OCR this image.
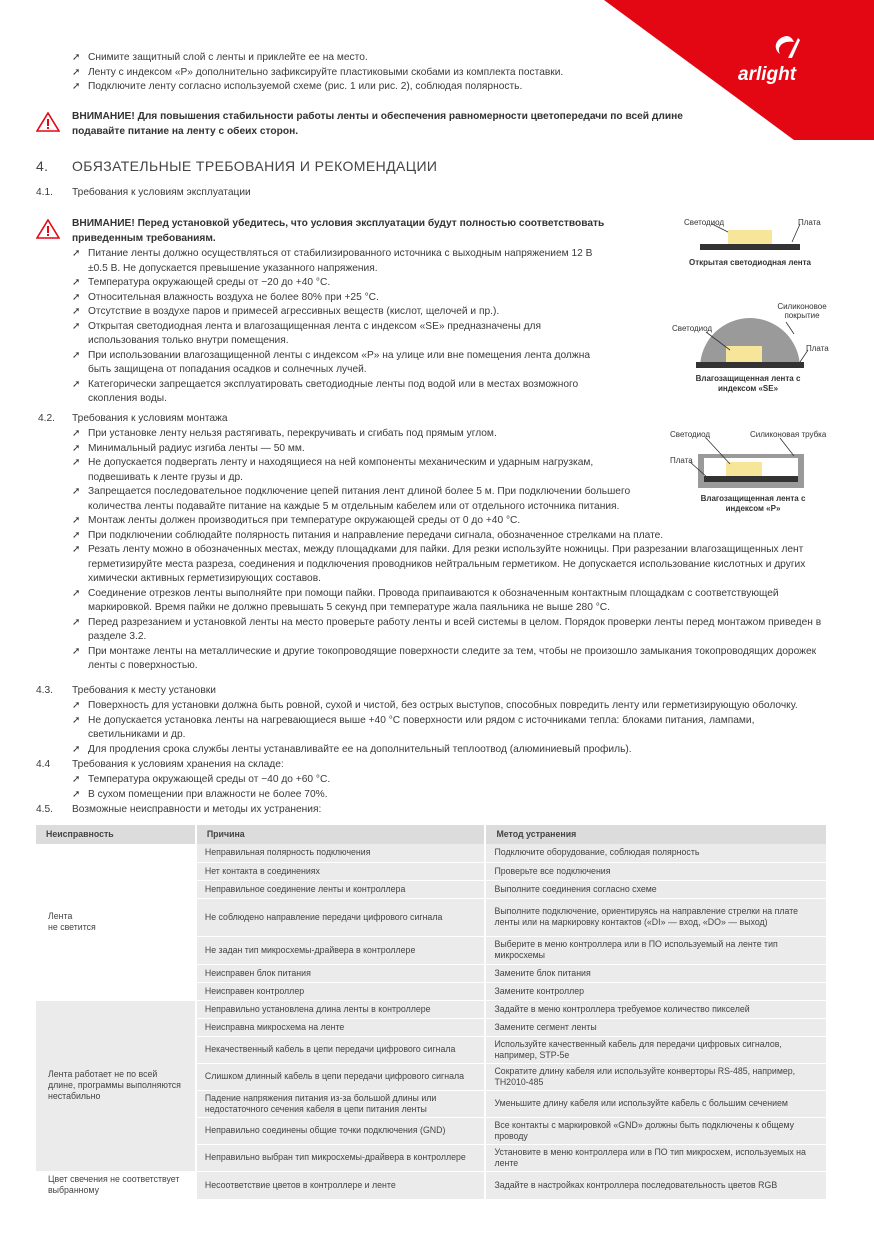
arlight
➚ Снимите защитный слой с ленты и приклейте ее на место.
➚ Ленту с индексом «P» дополнительно зафиксируйте пластиковыми скобами из комплекта поставки.
➚ Подключите ленту согласно используемой схеме (рис. 1 или рис. 2), соблюдая полярность.
ВНИМАНИЕ! Для повышения стабильности работы ленты и обеспечения равномерности цветопередачи по всей длине подавайте питание на ленту с обеих сторон.
4. ОБЯЗАТЕЛЬНЫЕ ТРЕБОВАНИЯ И РЕКОМЕНДАЦИИ
4.1. Требования к условиям эксплуатации
ВНИМАНИЕ! Перед установкой убедитесь, что условия эксплуатации будут полностью соответствовать приведенным требованиям.
➚ Питание ленты должно осуществляться от стабилизированного источника с выходным напряжением 12 В ±0.5 В. Не допускается превышение указанного напряжения.
➚ Температура окружающей среды от −20 до +40 °C.
➚ Относительная влажность воздуха не более 80% при +25 °C.
➚ Отсутствие в воздухе паров и примесей агрессивных веществ (кислот, щелочей и пр.).
➚ Открытая светодиодная лента и влагозащищенная лента с индексом «SE» предназначены для использования только внутри помещения.
➚ При использовании влагозащищенной ленты с индексом «P» на улице или вне помещения лента должна быть защищена от попадания осадков и солнечных лучей.
➚ Категорически запрещается эксплуатировать светодиодные ленты под водой или в местах возможного скопления воды.
4.2. Требования к условиям монтажа
➚ При установке ленту нельзя растягивать, перекручивать и сгибать под прямым углом.
➚ Минимальный радиус изгиба ленты — 50 мм.
➚ Не допускается подвергать ленту и находящиеся на ней компоненты механическим и ударным нагрузкам, подвешивать к ленте грузы и др.
➚ Запрещается последовательное подключение цепей питания лент длиной более 5 м. При подключении большего количества ленты подавайте питание на каждые 5 м отдельным кабелем или от отдельного источника питания.
➚ Монтаж ленты должен производиться при температуре окружающей среды от 0 до +40 °C.
➚ При подключении соблюдайте полярность питания и направление передачи сигнала, обозначенное стрелками на плате.
➚ Резать ленту можно в обозначенных местах, между площадками для пайки. Для резки используйте ножницы. При разрезании влагозащищенных лент герметизируйте места разреза, соединения и подключения проводников нейтральным герметиком. Не допускается использование кислотных и других химически активных герметизирующих составов.
➚ Соединение отрезков ленты выполняйте при помощи пайки. Провода припаиваются к обозначенным контактным площадкам с соответствующей маркировкой. Время пайки не должно превышать 5 секунд при температуре жала паяльника не выше 280 °C.
➚ Перед разрезанием и установкой ленты на место проверьте работу ленты и всей системы в целом. Порядок проверки ленты перед монтажом приведен в разделе 3.2.
➚ При монтаже ленты на металлические и другие токопроводящие поверхности следите за тем, чтобы не произошло замыкания токопроводящих дорожек ленты с поверхностью.
4.3. Требования к месту установки
➚ Поверхность для установки должна быть ровной, сухой и чистой, без острых выступов, способных повредить ленту или герметизирующую оболочку.
➚ Не допускается установка ленты на нагревающиеся выше +40 °C поверхности или рядом с источниками тепла: блоками питания, лампами, светильниками и др.
➚ Для продления срока службы ленты устанавливайте ее на дополнительный теплоотвод (алюминиевый профиль).
4.4 Требования к условиям хранения на складе:
➚ Температура окружающей среды от −40 до +60 °C.
➚ В сухом помещении при влажности не более 70%.
4.5. Возможные неисправности и методы их устранения:
Светодиод	Плата
Открытая светодиодная лента
Силиконовое покрытие
Светодиод
Плата
Влагозащищенная лента с индексом «SE»
Светодиод	Силиконовая трубка
Плата
Влагозащищенная лента с индексом «P»
Неисправность	Причина	Метод устранения
Лента
не светится	Неправильная полярность подключения	Подключите оборудование, соблюдая полярность
	Нет контакта в соединениях	Проверьте все подключения
	Неправильное соединение ленты и контроллера	Выполните соединения согласно схеме
	Не соблюдено направление передачи цифрового сигнала	Выполните подключение, ориентируясь на направление стрелки на плате ленты или на маркировку контактов («DI» — вход, «DO» — выход)
	Не задан тип микросхемы-драйвера в контроллере	Выберите в меню контроллера или в ПО используемый на ленте тип микросхемы
	Неисправен блок питания	Замените блок питания
	Неисправен контроллер	Замените контроллер
Лента работает не по всей длине, программы выполняются нестабильно	Неправильно установлена длина ленты в контроллере	Задайте в меню контроллера требуемое количество пикселей
	Неисправна микросхема на ленте	Замените сегмент ленты
	Некачественный кабель в цепи передачи цифрового сигнала	Используйте качественный кабель для передачи цифровых сигналов, например, STP-5e
	Слишком длинный кабель в цепи передачи цифрового сигнала	Сократите длину кабеля или используйте конверторы RS-485, например, TH2010-485
	Падение напряжения питания из-за большой длины или недостаточного сечения кабеля в цепи питания ленты	Уменьшите длину кабеля или используйте кабель с большим сечением
	Неправильно соединены общие точки подключения (GND)	Все контакты с маркировкой «GND» должны быть подключены к общему проводу
	Неправильно выбран тип микросхемы-драйвера в контроллере	Установите в меню контроллера или в ПО тип микросхем, используемых на ленте
Цвет свечения не соответствует выбранному	Несоответствие цветов в контроллере и ленте	Задайте в настройках контроллера последовательность цветов RGB
